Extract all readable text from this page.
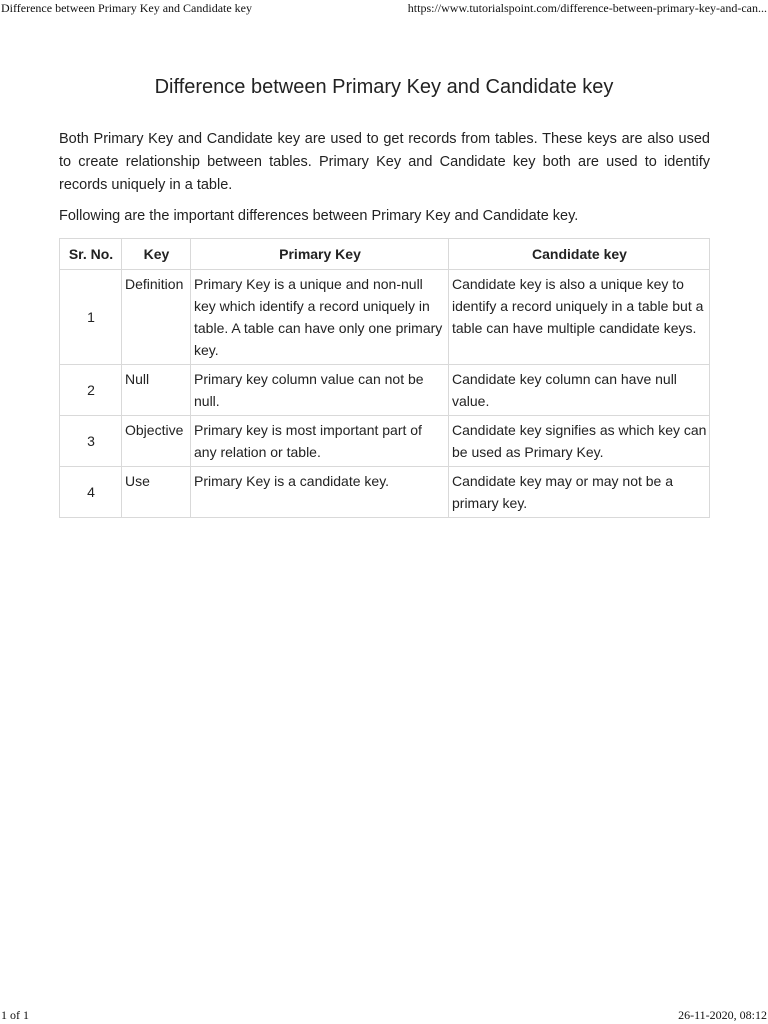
Difference between Primary Key and Candidate key	https://www.tutorialspoint.com/difference-between-primary-key-and-can...
Difference between Primary Key and Candidate key

Both Primary Key and Candidate key are used to get records from tables. These keys are also used to create relationship between tables. Primary Key and Candidate key both are used to identify records uniquely in a table.

Following are the important differences between Primary Key and Candidate key.

Sr. No.	Key	Primary Key	Candidate key
1	Definition	Primary Key is a unique and non-null key which identify a record uniquely in table. A table can have only one primary key.	Candidate key is also a unique key to identify a record uniquely in a table but a table can have multiple candidate keys.
2	Null	Primary key column value can not be null.	Candidate key column can have null value.
3	Objective	Primary key is most important part of any relation or table.	Candidate key signifies as which key can be used as Primary Key.
4	Use	Primary Key is a candidate key.	Candidate key may or may not be a primary key.
1 of 1	26-11-2020, 08:12
